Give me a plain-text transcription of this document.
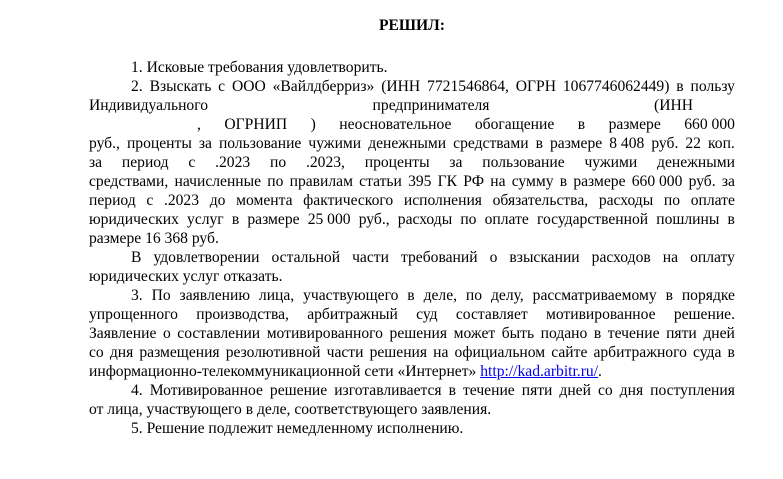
РЕШИЛ:
1. Исковые требования удовлетворить.
2. Взыскать с ООО «Вайлдберриз» (ИНН 7721546864, ОГРН 1067746062449) в пользу
Индивидуального	предпринимателя	(ИНН
, ОГРНИП ) неосновательное обогащение в размере 660 000
руб., проценты за пользование чужими денежными средствами в размере 8 408 руб. 22 коп.
за период с .2023 по .2023, проценты за пользование чужими денежными
средствами, начисленные по правилам статьи 395 ГК РФ на сумму в размере 660 000 руб. за
период с .2023 до момента фактического исполнения обязательства, расходы по оплате
юридических услуг в размере 25 000 руб., расходы по оплате государственной пошлины в
размере 16 368 руб.
В удовлетворении остальной части требований о взыскании расходов на оплату
юридических услуг отказать.
3. По заявлению лица, участвующего в деле, по делу, рассматриваемому в порядке
упрощенного производства, арбитражный суд составляет мотивированное решение.
Заявление о составлении мотивированного решения может быть подано в течение пяти дней
со дня размещения резолютивной части решения на официальном сайте арбитражного суда в
информационно-телекоммуникационной сети «Интернет» http://kad.arbitr.ru/.
4. Мотивированное решение изготавливается в течение пяти дней со дня поступления
от лица, участвующего в деле, соответствующего заявления.
5. Решение подлежит немедленному исполнению.
